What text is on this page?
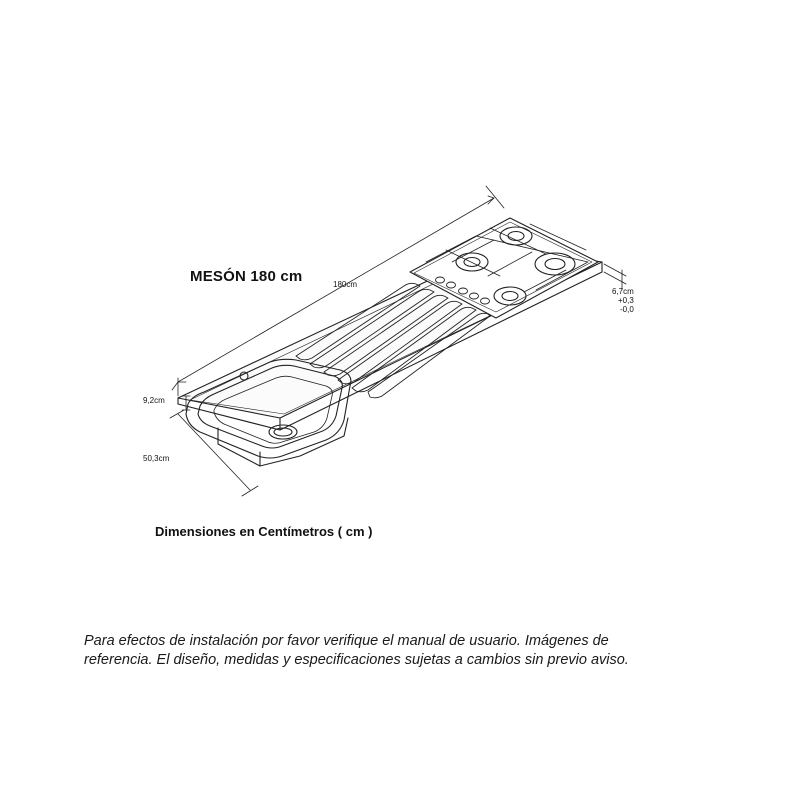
MESÓN 180 cm	180cm
9,2cm
50,3cm
6,7cm
+0,3
-0,0
Dimensiones en Centímetros ( cm )
Para efectos de instalación por favor verifique el manual de usuario. Imágenes de
referencia. El diseño, medidas y especificaciones sujetas a cambios sin previo aviso.
